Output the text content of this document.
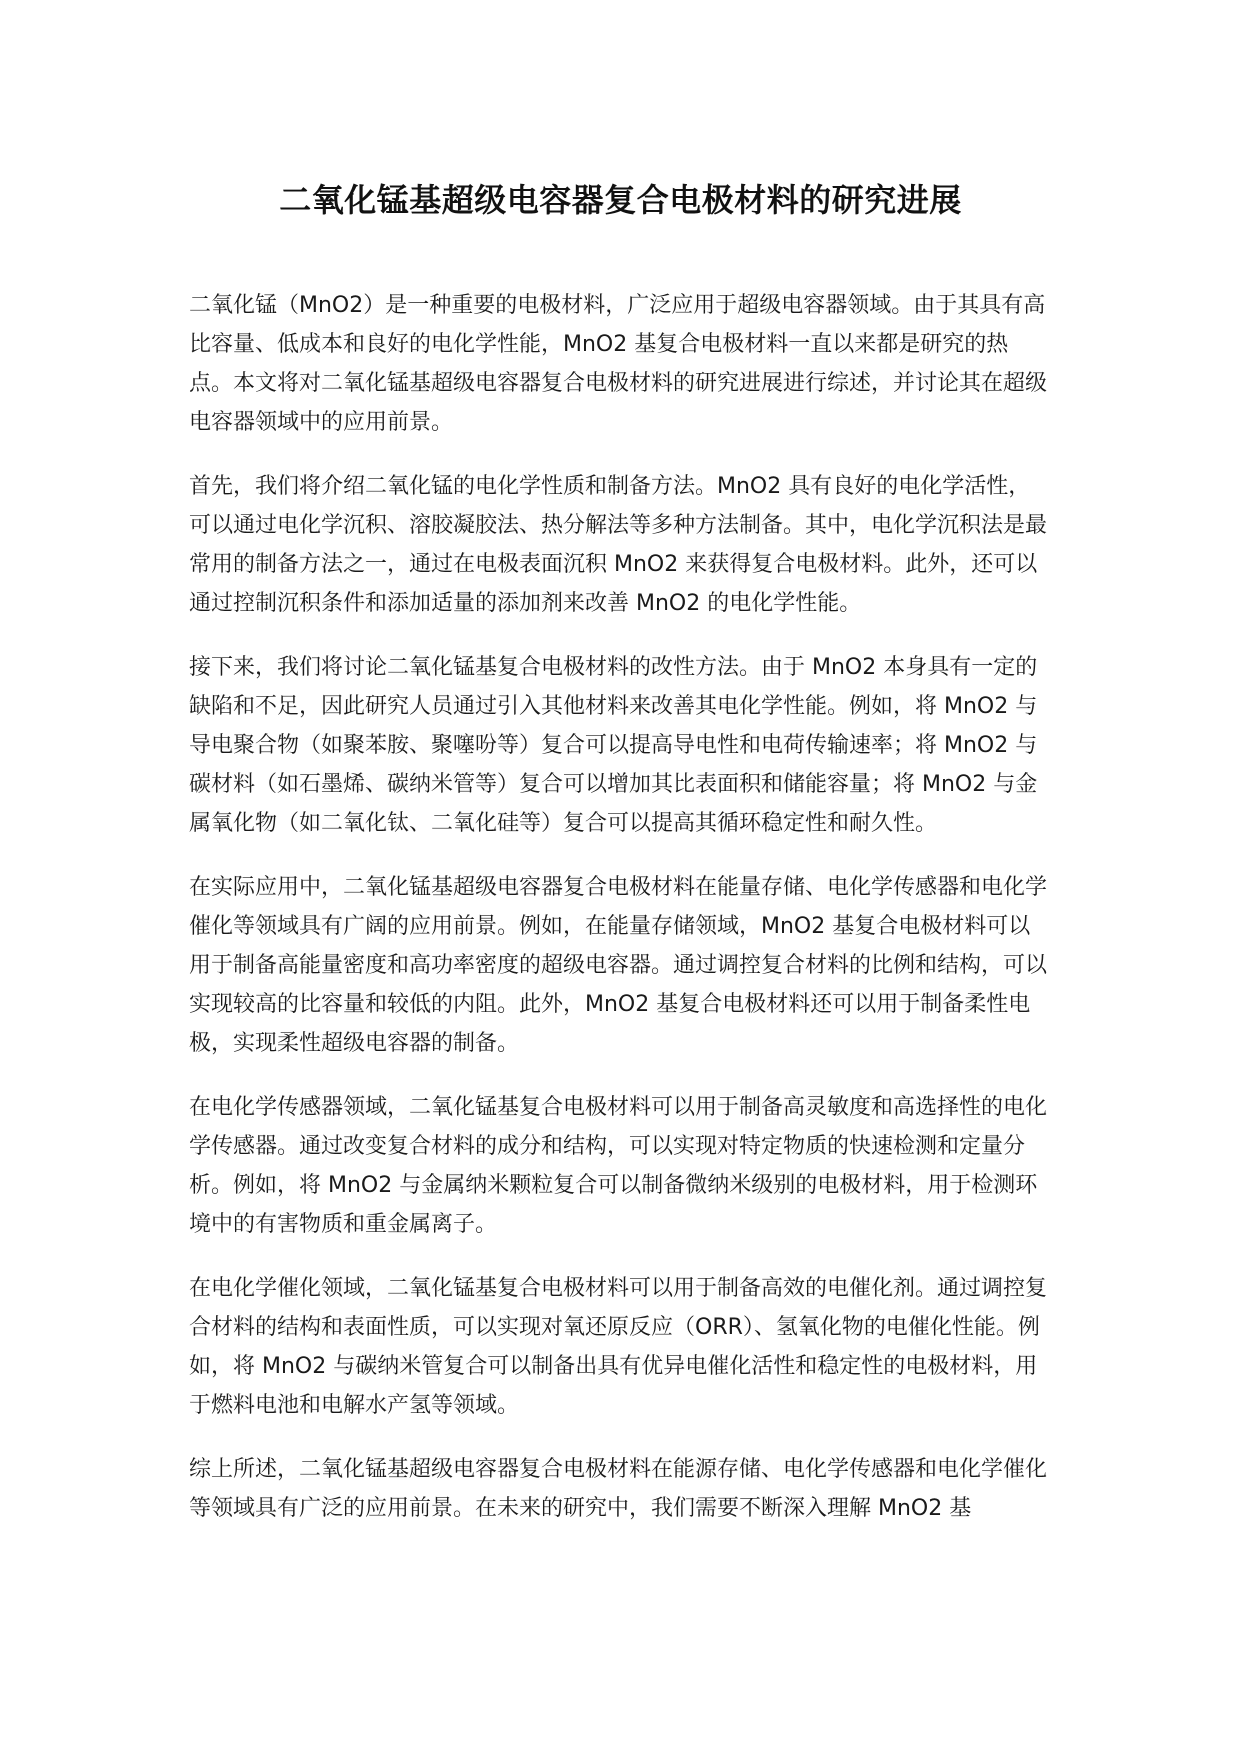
二氧化锰基超级电容器复合电极材料的研究进展

二氧化锰（MnO2）是一种重要的电极材料，广泛应用于超级电容器领域。由于其具有高比容量、低成本和良好的电化学性能，MnO2 基复合电极材料一直以来都是研究的热点。本文将对二氧化锰基超级电容器复合电极材料的研究进展进行综述，并讨论其在超级电容器领域中的应用前景。

首先，我们将介绍二氧化锰的电化学性质和制备方法。MnO2 具有良好的电化学活性，可以通过电化学沉积、溶胶凝胶法、热分解法等多种方法制备。其中，电化学沉积法是最常用的制备方法之一，通过在电极表面沉积 MnO2 来获得复合电极材料。此外，还可以通过控制沉积条件和添加适量的添加剂来改善 MnO2 的电化学性能。

接下来，我们将讨论二氧化锰基复合电极材料的改性方法。由于 MnO2 本身具有一定的缺陷和不足，因此研究人员通过引入其他材料来改善其电化学性能。例如，将 MnO2 与导电聚合物（如聚苯胺、聚噻吩等）复合可以提高导电性和电荷传输速率；将 MnO2 与碳材料（如石墨烯、碳纳米管等）复合可以增加其比表面积和储能容量；将 MnO2 与金属氧化物（如二氧化钛、二氧化硅等）复合可以提高其循环稳定性和耐久性。

在实际应用中，二氧化锰基超级电容器复合电极材料在能量存储、电化学传感器和电化学催化等领域具有广阔的应用前景。例如，在能量存储领域，MnO2 基复合电极材料可以用于制备高能量密度和高功率密度的超级电容器。通过调控复合材料的比例和结构，可以实现较高的比容量和较低的内阻。此外，MnO2 基复合电极材料还可以用于制备柔性电极，实现柔性超级电容器的制备。

在电化学传感器领域，二氧化锰基复合电极材料可以用于制备高灵敏度和高选择性的电化学传感器。通过改变复合材料的成分和结构，可以实现对特定物质的快速检测和定量分析。例如，将 MnO2 与金属纳米颗粒复合可以制备微纳米级别的电极材料，用于检测环境中的有害物质和重金属离子。

在电化学催化领域，二氧化锰基复合电极材料可以用于制备高效的电催化剂。通过调控复合材料的结构和表面性质，可以实现对氧还原反应（ORR）、氢氧化物的电催化性能。例如，将 MnO2 与碳纳米管复合可以制备出具有优异电催化活性和稳定性的电极材料，用于燃料电池和电解水产氢等领域。

综上所述，二氧化锰基超级电容器复合电极材料在能源存储、电化学传感器和电化学催化等领域具有广泛的应用前景。在未来的研究中，我们需要不断深入理解 MnO2 基
